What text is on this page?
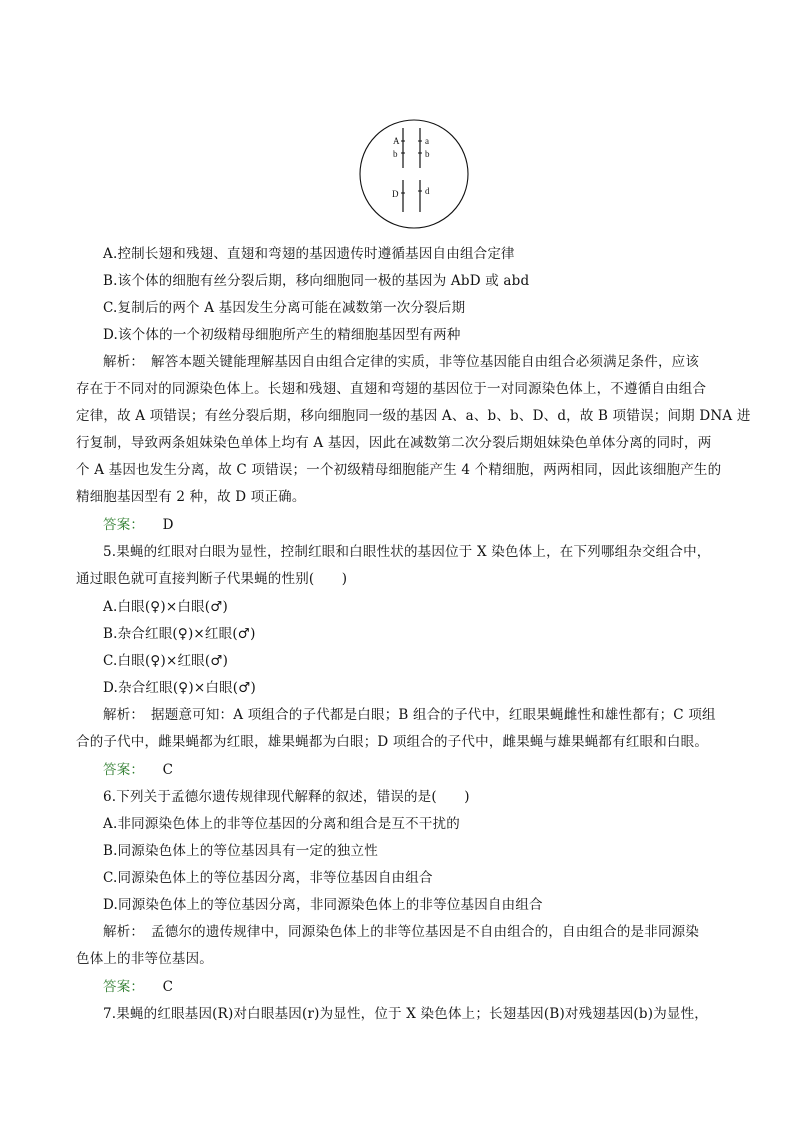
A
b
D
a
b
d
A.控制长翅和残翅、直翅和弯翅的基因遗传时遵循基因自由组合定律
B.该个体的细胞有丝分裂后期，移向细胞同一极的基因为 AbD 或 abd
C.复制后的两个 A 基因发生分离可能在减数第一次分裂后期
D.该个体的一个初级精母细胞所产生的精细胞基因型有两种
解析：　解答本题关键能理解基因自由组合定律的实质，非等位基因能自由组合必须满足条件，应该
存在于不同对的同源染色体上。长翅和残翅、直翅和弯翅的基因位于一对同源染色体上，不遵循自由组合
定律，故 A 项错误；有丝分裂后期，移向细胞同一级的基因 A、a、b、b、D、d，故 B 项错误；间期 DNA 进
行复制，导致两条姐妹染色单体上均有 A 基因，因此在减数第二次分裂后期姐妹染色单体分离的同时，两
个 A 基因也发生分离，故 C 项错误；一个初级精母细胞能产生 4 个精细胞，两两相同，因此该细胞产生的
精细胞基因型有 2 种，故 D 项正确。
答案： D
5.果蝇的红眼对白眼为显性，控制红眼和白眼性状的基因位于 X 染色体上，在下列哪组杂交组合中，
通过眼色就可直接判断子代果蝇的性别(　　)
A.白眼(♀)×白眼(♂)
B.杂合红眼(♀)×红眼(♂)
C.白眼(♀)×红眼(♂)
D.杂合红眼(♀)×白眼(♂)
解析：　据题意可知：A 项组合的子代都是白眼；B 组合的子代中，红眼果蝇雌性和雄性都有；C 项组
合的子代中，雌果蝇都为红眼，雄果蝇都为白眼；D 项组合的子代中，雌果蝇与雄果蝇都有红眼和白眼。
答案： C
6.下列关于孟德尔遗传规律现代解释的叙述，错误的是(　　)
A.非同源染色体上的非等位基因的分离和组合是互不干扰的
B.同源染色体上的等位基因具有一定的独立性
C.同源染色体上的等位基因分离，非等位基因自由组合
D.同源染色体上的等位基因分离，非同源染色体上的非等位基因自由组合
解析：　孟德尔的遗传规律中，同源染色体上的非等位基因是不自由组合的，自由组合的是非同源染
色体上的非等位基因。
答案： C
7.果蝇的红眼基因(R)对白眼基因(r)为显性，位于 X 染色体上；长翅基因(B)对残翅基因(b)为显性，
